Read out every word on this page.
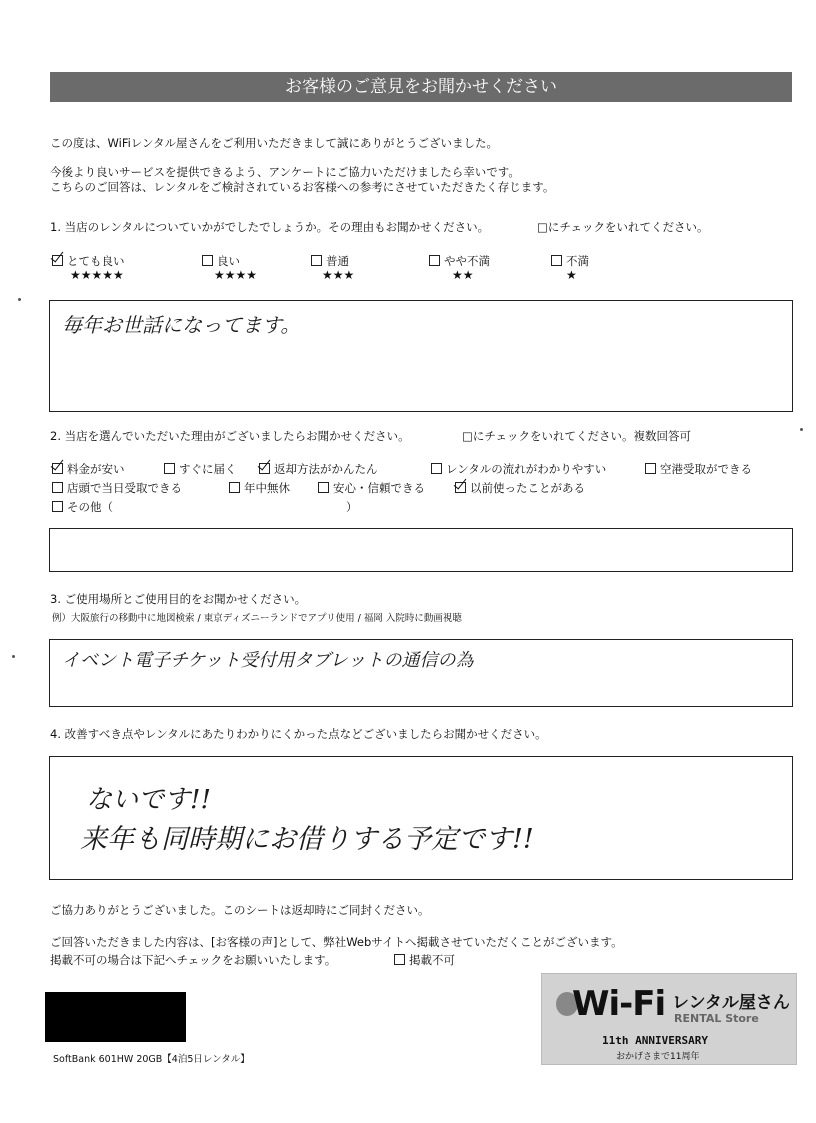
お客様のご意見をお聞かせください
この度は、WiFiレンタル屋さんをご利用いただきまして誠にありがとうございました。
今後より良いサービスを提供できるよう、アンケートにご協力いただけましたら幸いです。
こちらのご回答は、レンタルをご検討されているお客様への参考にさせていただきたく存じます。
1. 当店のレンタルについていかがでしたでしょうか。その理由もお聞かせください。	□にチェックをいれてください。
とても良い
★★★★★
良い
★★★★
普通
★★★
やや不満
★★
不満
★
毎年お世話になってます。
2. 当店を選んでいただいた理由がございましたらお聞かせください。	□にチェックをいれてください。複数回答可
料金が安い	すぐに届く	返却方法がかんたん	レンタルの流れがわかりやすい	空港受取ができる
店頭で当日受取できる	年中無休	安心・信頼できる	以前使ったことがある
その他（	）
3. ご使用場所とご使用目的をお聞かせください。
例）大阪旅行の移動中に地図検索 / 東京ディズニーランドでアプリ使用 / 福岡 入院時に動画視聴
イベント電子チケット受付用タブレットの通信の為
4. 改善すべき点やレンタルにあたりわかりにくかった点などございましたらお聞かせください。
ないです!!
来年も同時期にお借りする予定です!!
ご協力ありがとうございました。このシートは返却時にご同封ください。
ご回答いただきました内容は、[お客様の声]として、弊社Webサイトへ掲載させていただくことがございます。
掲載不可の場合は下記へチェックをお願いいたします。	掲載不可
SoftBank 601HW 20GB【4泊5日レンタル】
Wi-Fi レンタル屋さん
RENTAL Store
11th ANNIVERSARY
おかげさまで11周年
